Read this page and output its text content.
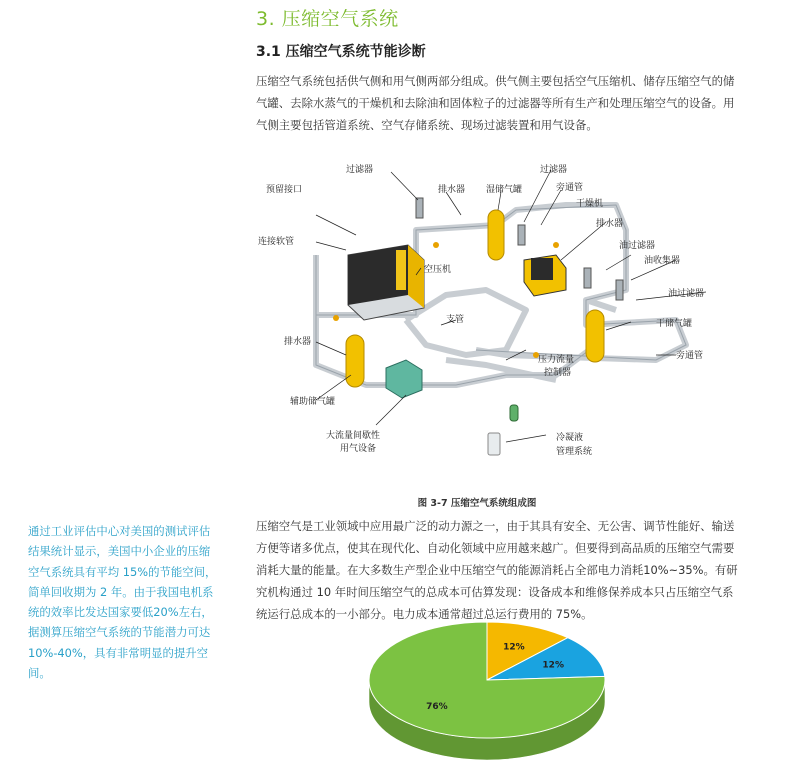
3. 压缩空气系统
3.1 压缩空气系统节能诊断
压缩空气系统包括供气侧和用气侧两部分组成。供气侧主要包括空气压缩机、储存压缩空气的储气罐、去除水蒸气的干燥机和去除油和固体粒子的过滤器等所有生产和处理压缩空气的设备。用气侧主要包括管道系统、空气存储系统、现场过滤装置和用气设备。
过滤器
预留接口	排水器 湿储气罐
过滤器
旁通管
干燥机
连接软管
排水器
油过滤器
油收集器
空压机
油过滤器
支管	干储气罐
排水器
压力流量
控制器
旁通管
辅助储气罐
大流量间歇性
用气设备
冷凝液
管理系统
图 3-7 压缩空气系统组成图
压缩空气是工业领域中应用最广泛的动力源之一，由于其具有安全、无公害、调节性能好、输送方便等诸多优点，使其在现代化、自动化领域中应用越来越广。但要得到高品质的压缩空气需要消耗大量的能量。在大多数生产型企业中压缩空气的能源消耗占全部电力消耗10%~35%。有研究机构通过 10 年时间压缩空气的总成本可估算发现：设备成本和维修保养成本只占压缩空气系统运行总成本的一小部分。电力成本通常超过总运行费用的 75%。
通过工业评估中心对美国的测试评估结果统计显示，美国中小企业的压缩空气系统具有平均 15%的节能空间，简单回收期为 2 年。由于我国电机系统的效率比发达国家要低20%左右，据测算压缩空气系统的节能潜力可达 10%-40%，具有非常明显的提升空间。
12%
12%
76%
